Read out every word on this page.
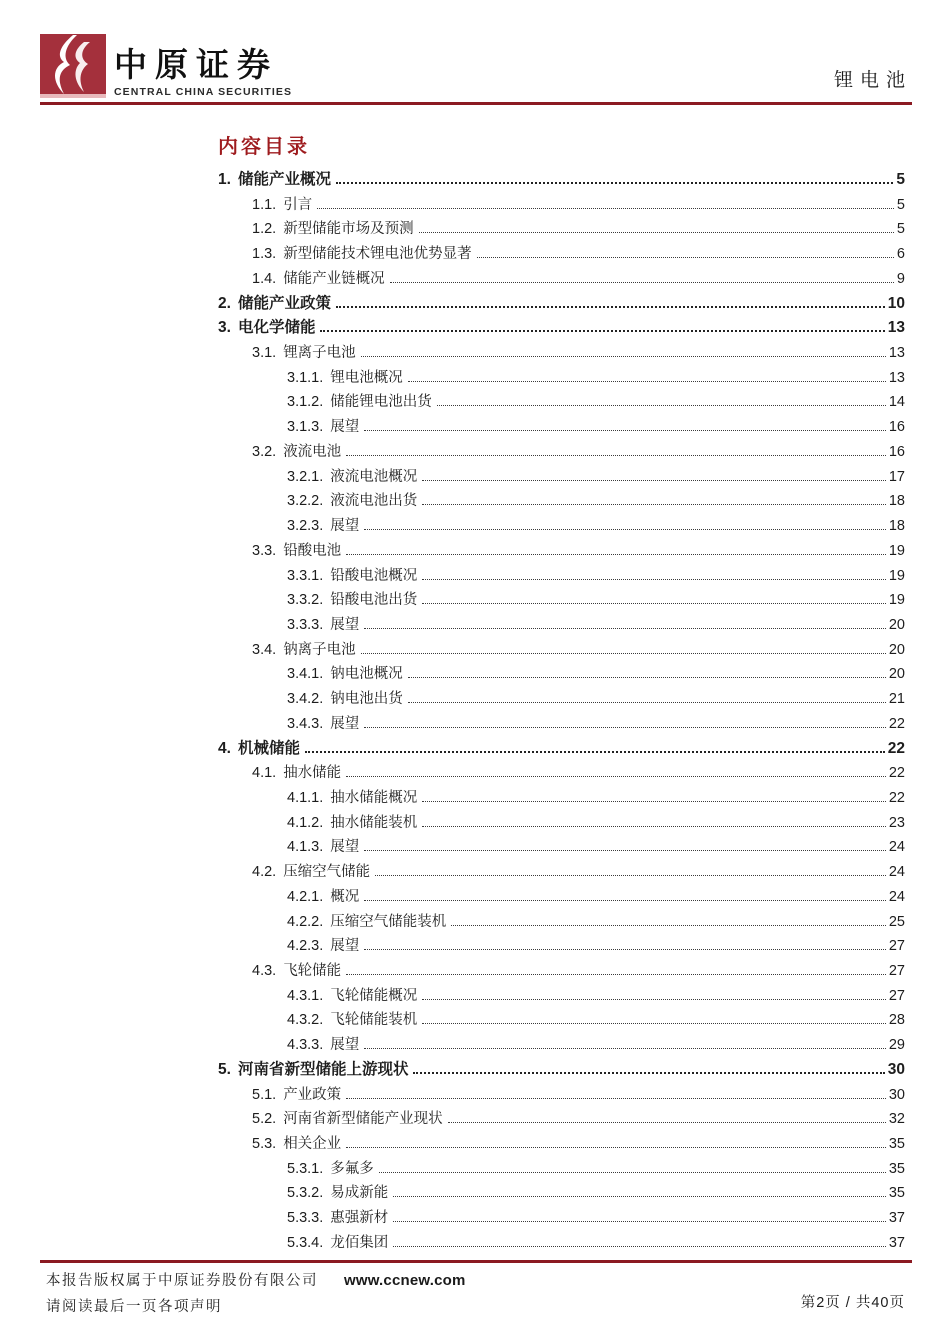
中原证券
CENTRAL CHINA SECURITIES
锂电池
内容目录
1. 储能产业概况	5
1.1. 引言	5
1.2. 新型储能市场及预测	5
1.3. 新型储能技术锂电池优势显著	6
1.4. 储能产业链概况	9
2. 储能产业政策	10
3. 电化学储能	13
3.1. 锂离子电池	13
3.1.1. 锂电池概况	13
3.1.2. 储能锂电池出货	14
3.1.3. 展望	16
3.2. 液流电池	16
3.2.1. 液流电池概况	17
3.2.2. 液流电池出货	18
3.2.3. 展望	18
3.3. 铅酸电池	19
3.3.1. 铅酸电池概况	19
3.3.2. 铅酸电池出货	19
3.3.3. 展望	20
3.4. 钠离子电池	20
3.4.1. 钠电池概况	20
3.4.2. 钠电池出货	21
3.4.3. 展望	22
4. 机械储能	22
4.1. 抽水储能	22
4.1.1. 抽水储能概况	22
4.1.2. 抽水储能装机	23
4.1.3. 展望	24
4.2. 压缩空气储能	24
4.2.1. 概况	24
4.2.2. 压缩空气储能装机	25
4.2.3. 展望	27
4.3. 飞轮储能	27
4.3.1. 飞轮储能概况	27
4.3.2. 飞轮储能装机	28
4.3.3. 展望	29
5. 河南省新型储能上游现状	30
5.1. 产业政策	30
5.2. 河南省新型储能产业现状	32
5.3. 相关企业	35
5.3.1. 多氟多	35
5.3.2. 易成新能	35
5.3.3. 惠强新材	37
5.3.4. 龙佰集团	37
本报告版权属于中原证券股份有限公司 www.ccnew.com
请阅读最后一页各项声明	第2页 / 共40页
